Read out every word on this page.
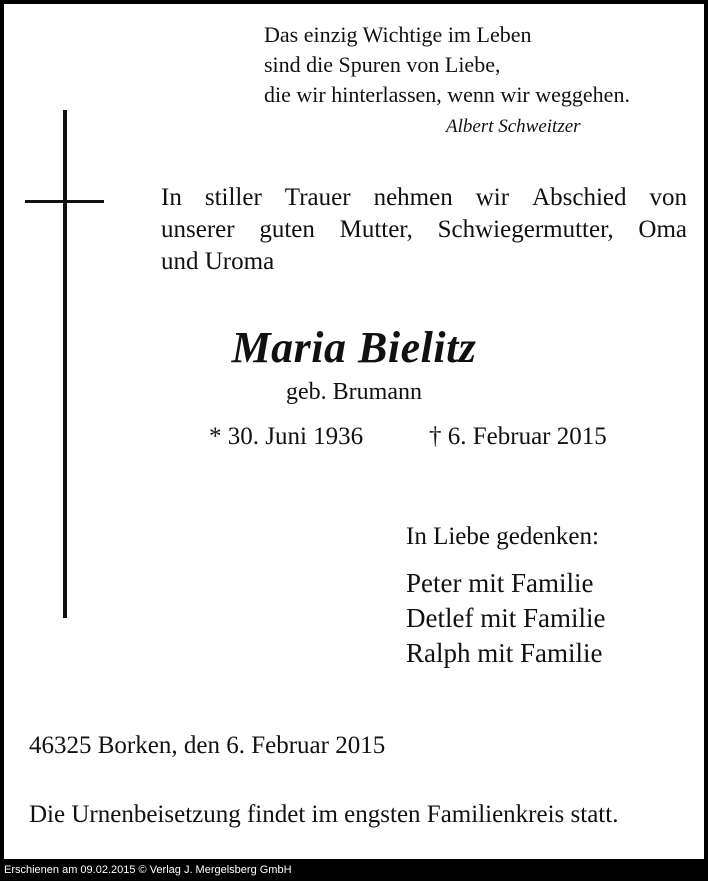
Das einzig Wichtige im Leben
sind die Spuren von Liebe,
die wir hinterlassen, wenn wir weggehen.
Albert Schweitzer
In stiller Trauer nehmen wir Abschied von
unserer guten Mutter, Schwiegermutter, Oma
und Uroma
Maria Bielitz
geb. Brumann
* 30. Juni 1936	† 6. Februar 2015
In Liebe gedenken:
Peter mit Familie
Detlef mit Familie
Ralph mit Familie
46325 Borken, den 6. Februar 2015
Die Urnenbeisetzung findet im engsten Familienkreis statt.
Erschienen am 09.02.2015 © Verlag J. Mergelsberg GmbH
